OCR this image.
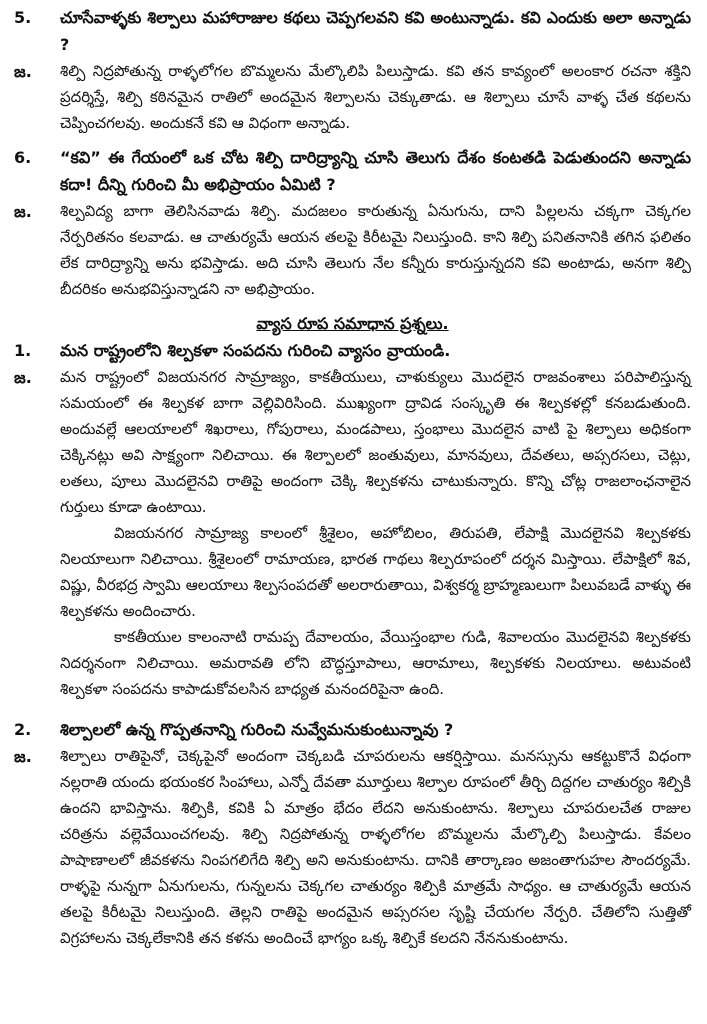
5.	చూసేవాళ్ళకు శిల్పాలు మహారాజుల కథలు చెప్పగలవని కవి అంటున్నాడు. కవి ఎందుకు అలా అన్నాడు ?
జ.	శిల్పి నిద్రపోతున్న రాళ్ళలోగల బొమ్మలను మేల్కొలిపి పిలుస్తాడు. కవి తన కావ్యంలో అలంకార రచనా శక్తిని ప్రదర్శిస్తే, శిల్పి కఠినమైన రాతిలో అందమైన శిల్పాలను చెక్కుతాడు. ఆ శిల్పాలు చూసే వాళ్ళ చేత కథలను చెప్పించగలవు. అందుకనే కవి ఆ విధంగా అన్నాడు.
6.	“కవి” ఈ గేయంలో ఒక చోట శిల్పి దారిద్ర్యాన్ని చూసి తెలుగు దేశం కంటతడి పెడుతుందని అన్నాడు కదా! దీన్ని గురించి మీ అభిప్రాయం ఏమిటి ?
జ.	శిల్పవిద్య బాగా తెలిసినవాడు శిల్పి. మదజలం కారుతున్న ఏనుగును, దాని పిల్లలను చక్కగా చెక్కగల నేర్పరితనం కలవాడు. ఆ చాతుర్యమే ఆయన తలపై కిరీటమై నిలుస్తుంది. కాని శిల్పి పనితనానికి తగిన ఫలితం లేక దారిద్ర్యాన్ని అను భవిస్తాడు. అది చూసి తెలుగు నేల కన్నీరు కారుస్తున్నదని కవి అంటాడు, అనగా శిల్పి బీదరికం అనుభవిస్తున్నాడని నా అభిప్రాయం.
వ్యాస రూప సమాధాన ప్రశ్నలు.
1.	మన రాష్ట్రంలోని శిల్పకళా సంపదను గురించి వ్యాసం వ్రాయండి.
జ.	మన రాష్ట్రంలో విజయనగర సామ్రాజ్యం, కాకతీయులు, చాళుక్యులు మొదలైన రాజవంశాలు పరిపాలిస్తున్న సమయంలో ఈ శిల్పకళ బాగా వెల్లివిరిసింది. ముఖ్యంగా ద్రావిడ సంస్కృతి ఈ శిల్పకళల్లో కనబడుతుంది. అందువల్లే ఆలయాలలో శిఖరాలు, గోపురాలు, మండపాలు, స్తంభాలు మొదలైన వాటి పై శిల్పాలు అధికంగా చెక్కినట్లు అవి సాక్ష్యంగా నిలిచాయి. ఈ శిల్పాలలో జంతువులు, మానవులు, దేవతలు, అప్సరసలు, చెట్లు, లతలు, పూలు మొదలైనవి రాతిపై అందంగా చెక్కి శిల్పకళను చాటుకున్నారు. కొన్ని చోట్ల రాజలాంఛనాలైన గుర్తులు కూడా ఉంటాయి.
విజయనగర సామ్రాజ్య కాలంలో శ్రీశైలం, అహోబిలం, తిరుపతి, లేపాక్షి మొదలైనవి శిల్పకళకు నిలయాలుగా నిలిచాయి. శ్రీశైలంలో రామాయణ, భారత గాథలు శిల్పరూపంలో దర్శన మిస్తాయి. లేపాక్షిలో శివ, విష్ణు, వీరభద్ర స్వామి ఆలయాలు శిల్పసంపదతో అలరారుతాయి, విశ్వకర్మ బ్రాహ్మణులుగా పిలువబడే వాళ్ళు ఈ శిల్పకళను అందించారు.
కాకతీయుల కాలంనాటి రామప్ప దేవాలయం, వేయిస్తంభాల గుడి, శివాలయం మొదలైనవి శిల్పకళకు నిదర్శనంగా నిలిచాయి. అమరావతి లోని బౌద్ధస్తూపాలు, ఆరామాలు, శిల్పకళకు నిలయాలు. అటువంటి శిల్పకళా సంపదను కాపాడుకోవలసిన బాధ్యత మనందరిపైనా ఉంది.
2.	శిల్పాలలో ఉన్న గొప్పతనాన్ని గురించి నువ్వేమనుకుంటున్నావు ?
జ.	శిల్పాలు రాతిపైనో, చెక్కపైనో అందంగా చెక్కబడి చూపరులను ఆకర్షిస్తాయి. మనస్సును ఆకట్టుకొనే విధంగా నల్లరాతి యందు భయంకర సింహాలు, ఎన్నో దేవతా మూర్తులు శిల్పాల రూపంలో తీర్చి దిద్దగల చాతుర్యం శిల్పికి ఉందని భావిస్తాను. శిల్పికి, కవికి ఏ మాత్రం భేదం లేదని అనుకుంటాను. శిల్పాలు చూపరులచేత రాజుల చరిత్రను వల్లెవేయించగలవు. శిల్పి నిద్రపోతున్న రాళ్ళలోగల బొమ్మలను మేల్కొల్పి పిలుస్తాడు. కేవలం పాషాణాలలో జీవకళను నింపగలిగేది శిల్పి అని అనుకుంటాను. దానికి తార్కాణం అజంతాగుహల సౌందర్యమే. రాళ్ళపై నున్నగా ఏనుగులను, గున్నలను చెక్కగల చాతుర్యం శిల్పికి మాత్రమే సాధ్యం. ఆ చాతుర్యమే ఆయన తలపై కిరీటమై నిలుస్తుంది. తెల్లని రాతిపై అందమైన అప్సరసల సృష్టి చేయగల నేర్పరి. చేతిలోని సుత్తితో విగ్రహాలను చెక్కలేకానికి తన కళను అందించే భాగ్యం ఒక్క శిల్పికే కలదని నేననుకుంటాను.
